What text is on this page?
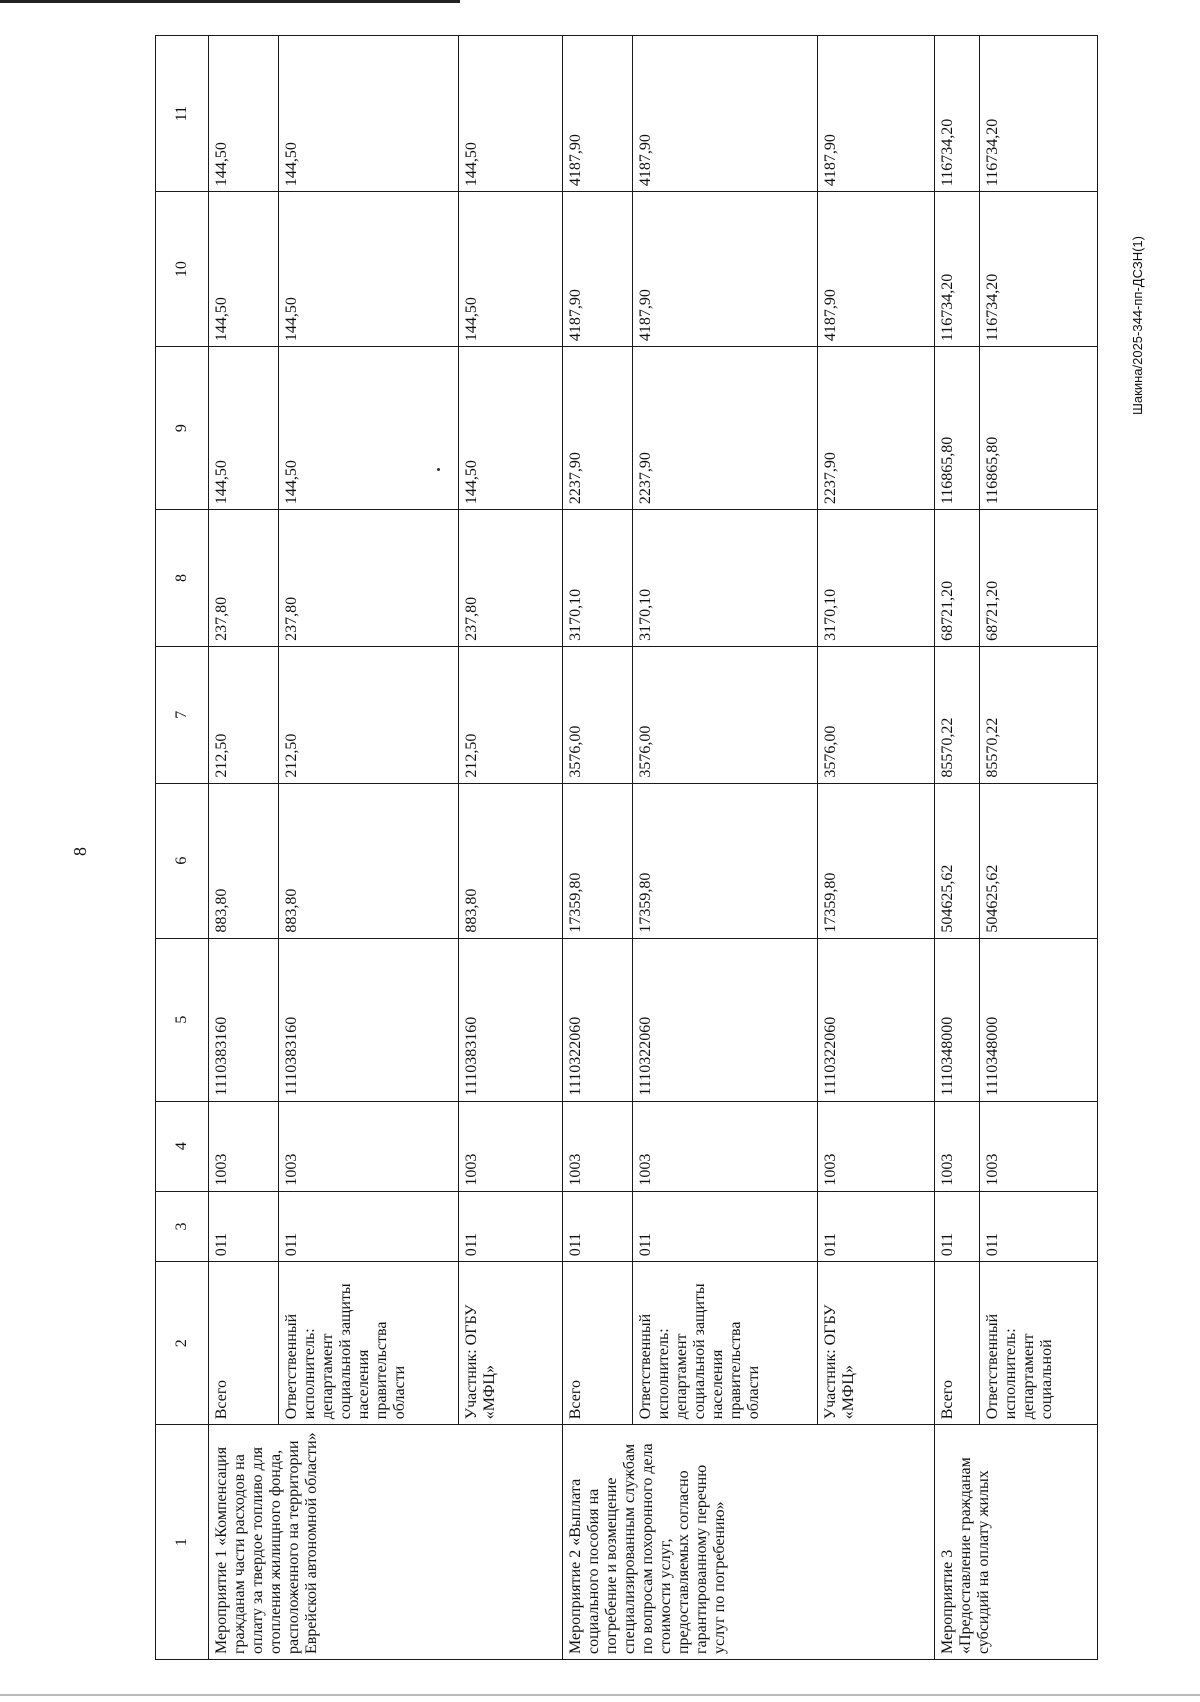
8
Шакина/2025-344-пп-ДСЗН(1)
1	2	3	4	5	6	7	8	9	10	11
Мероприятие 1 «Компенсация гражданам части расходов на оплату за твердое топливо для отопления жилищного фонда, расположенного на территории Еврейской автономной области»	Всего	011	1003	1110383160	883,80	212,50	237,80	144,50	144,50	144,50
	Ответственный исполнитель: департамент социальной защиты населения правительства области	011	1003	1110383160	883,80	212,50	237,80	144,50	144,50	144,50
	Участник: ОГБУ «МФЦ»	011	1003	1110383160	883,80	212,50	237,80	144,50	144,50	144,50
Мероприятие 2 «Выплата социального пособия на погребение и возмещение специализированным службам по вопросам похоронного дела стоимости услуг, предоставляемых согласно гарантированному перечню услуг по погребению»	Всего	011	1003	1110322060	17359,80	3576,00	3170,10	2237,90	4187,90	4187,90
	Ответственный исполнитель: департамент социальной защиты населения правительства области	011	1003	1110322060	17359,80	3576,00	3170,10	2237,90	4187,90	4187,90
	Участник: ОГБУ «МФЦ»	011	1003	1110322060	17359,80	3576,00	3170,10	2237,90	4187,90	4187,90
Мероприятие 3 «Предоставление гражданам субсидий на оплату жилых	Всего	011	1003	1110348000	504625,62	85570,22	68721,20	116865,80	116734,20	116734,20
	Ответственный исполнитель: департамент социальной	011	1003	1110348000	504625,62	85570,22	68721,20	116865,80	116734,20	116734,20
